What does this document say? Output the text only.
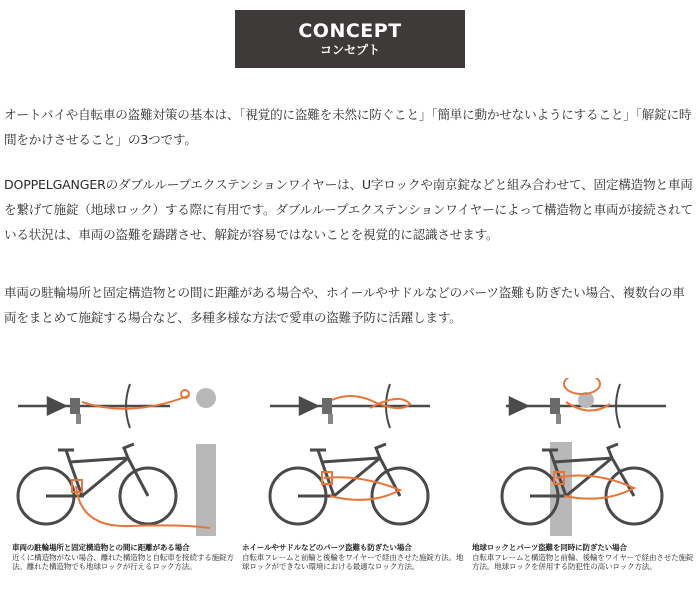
CONCEPT
コンセプト
オートバイや自転車の盗難対策の基本は、「視覚的に盗難を未然に防ぐこと」「簡単に動かせないようにすること」「解錠に時間をかけさせること」の3つです。
DOPPELGANGERのダブルループエクステンションワイヤーは、U字ロックや南京錠などと組み合わせて、固定構造物と車両を繋げて施錠（地球ロック）する際に有用です。ダブルループエクステンションワイヤーによって構造物と車両が接続されている状況は、車両の盗難を躊躇させ、解錠が容易ではないことを視覚的に認識させます。
車両の駐輪場所と固定構造物との間に距離がある場合や、ホイールやサドルなどのパーツ盗難も防ぎたい場合、複数台の車両をまとめて施錠する場合など、多種多様な方法で愛車の盗難予防に活躍します。
車両の駐輪場所と固定構造物との間に距離がある場合
近くに構造物がない場合、離れた構造物と自転車を接続する施錠方法。離れた構造物でも地球ロックが行えるロック方法。
ホイールやサドルなどのパーツ盗難も防ぎたい場合
自転車フレームと前輪と後輪をワイヤーで経由させた施錠方法。地球ロックができない環境における最適なロック方法。
地球ロックとパーツ盗難を同時に防ぎたい場合
自転車フレームと構造物と前輪、後輪をワイヤーで経由させた施錠方法。地球ロックを併用する防犯性の高いロック方法。
